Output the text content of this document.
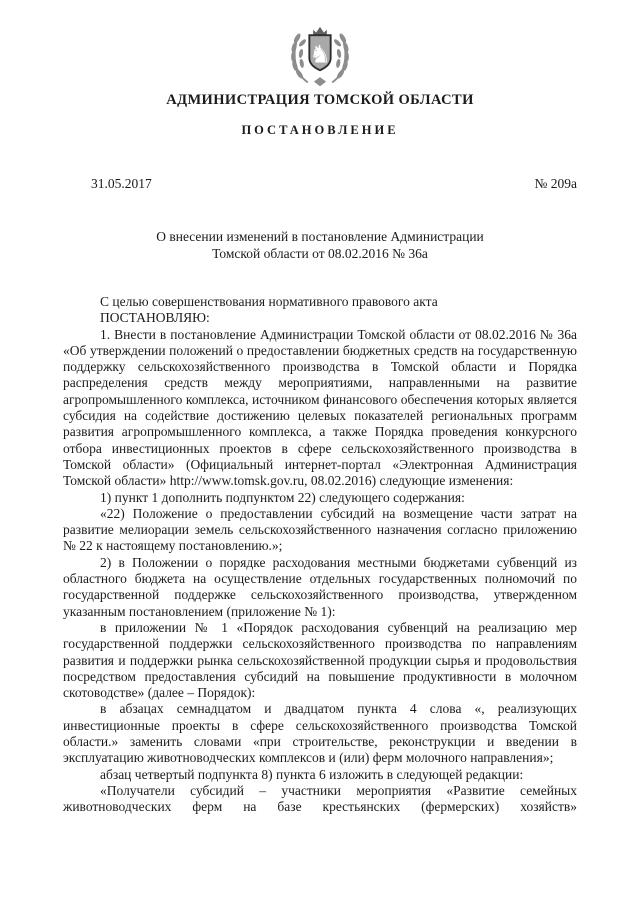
♞
АДМИНИСТРАЦИЯ ТОМСКОЙ ОБЛАСТИ
ПОСТАНОВЛЕНИЕ
31.05.2017	№ 209а
О внесении изменений в постановление Администрации
Томской области от 08.02.2016 № 36а

С целью совершенствования нормативного правового акта

ПОСТАНОВЛЯЮ:

1. Внести в постановление Администрации Томской области от 08.02.2016 № 36а «Об утверждении положений о предоставлении бюджетных средств на государственную поддержку сельскохозяйственного производства в Томской области и Порядка распределения средств между мероприятиями, направленными на развитие агропромышленного комплекса, источником финансового обеспечения которых является субсидия на содействие достижению целевых показателей региональных программ развития агропромышленного комплекса, а также Порядка проведения конкурсного отбора инвестиционных проектов в сфере сельскохозяйственного производства в Томской области» (Официальный интернет-портал «Электронная Администрация Томской области» http://www.tomsk.gov.ru, 08.02.2016) следующие изменения:

1) пункт 1 дополнить подпунктом 22) следующего содержания:

«22) Положение о предоставлении субсидий на возмещение части затрат на развитие мелиорации земель сельскохозяйственного назначения согласно приложению № 22 к настоящему постановлению.»;

2) в Положении о порядке расходования местными бюджетами субвенций из областного бюджета на осуществление отдельных государственных полномочий по государственной поддержке сельскохозяйственного производства, утвержденном указанным постановлением (приложение № 1):

в приложении № 1 «Порядок расходования субвенций на реализацию мер государственной поддержки сельскохозяйственного производства по направлениям развития и поддержки рынка сельскохозяйственной продукции сырья и продовольствия посредством предоставления субсидий на повышение продуктивности в молочном скотоводстве» (далее – Порядок):

в абзацах семнадцатом и двадцатом пункта 4 слова «, реализующих инвестиционные проекты в сфере сельскохозяйственного производства Томской области.» заменить словами «при строительстве, реконструкции и введении в эксплуатацию животноводческих комплексов и (или) ферм молочного направления»;

абзац четвертый подпункта 8) пункта 6 изложить в следующей редакции:

«Получатели субсидий – участники мероприятия «Развитие семейных животноводческих ферм на базе крестьянских (фермерских) хозяйств»
